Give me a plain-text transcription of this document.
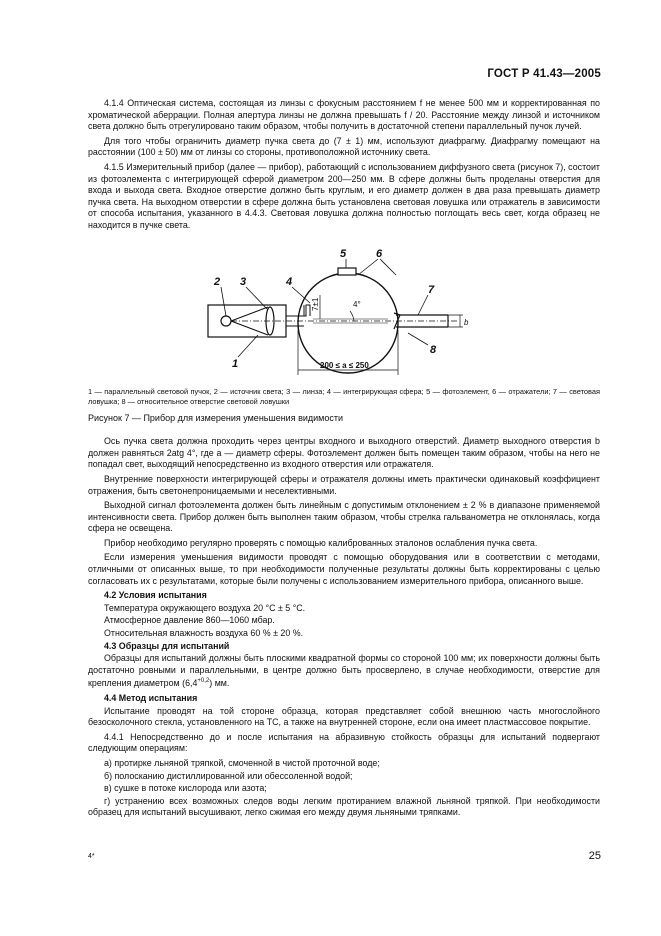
ГОСТ Р 41.43—2005

4.1.4 Оптическая система, состоящая из линзы с фокусным расстоянием f не менее 500 мм и корректированная по хроматической аберрации. Полная апертура линзы не должна превышать f / 20. Расстояние между линзой и источником света должно быть отрегулировано таким образом, чтобы получить в достаточной степени параллельный пучок лучей.

Для того чтобы ограничить диаметр пучка света до (7 ± 1) мм, используют диафрагму. Диафрагму помещают на расстоянии (100 ± 50) мм от линзы со стороны, противоположной источнику света.

4.1.5 Измерительный прибор (далее — прибор), работающий с использованием диффузного света (рисунок 7), состоит из фотоэлемента с интегрирующей сферой диаметром 200—250 мм. В сфере должны быть проделаны отверстия для входа и выхода света. Входное отверстие должно быть круглым, и его диаметр должен в два раза превышать диаметр пучка света. На выходном отверстии в сфере должна быть установлена световая ловушка или отражатель в зависимости от способа испытания, указанного в 4.4.3. Световая ловушка должна полностью поглощать весь свет, когда образец не находится в пучке света.

2 3	4
5	6
7
1
8
7±1	4°
b
200 ≤ a ≤ 250

1 — параллельный световой пучок, 2 — источник света; 3 — линза; 4 — интегрирующая сфера; 5 — фотоэлемент, 6 — отражатели; 7 — световая ловушка; 8 — относительное отверстие световой ловушки

Рисунок 7 — Прибор для измерения уменьшения видимости

Ось пучка света должна проходить через центры входного и выходного отверстий. Диаметр выходного отверстия b должен равняться 2atg 4°, где a — диаметр сферы. Фотоэлемент должен быть помещен таким образом, чтобы на него не попадал свет, выходящий непосредственно из входного отверстия или отражателя.

Внутренние поверхности интегрирующей сферы и отражателя должны иметь практически одинаковый коэффициент отражения, быть светонепроницаемыми и неселективными.

Выходной сигнал фотоэлемента должен быть линейным с допустимым отклонением ± 2 % в диапазоне применяемой интенсивности света. Прибор должен быть выполнен таким образом, чтобы стрелка гальванометра не отклонялась, когда сфера не освещена.

Прибор необходимо регулярно проверять с помощью калиброванных эталонов ослабления пучка света.

Если измерения уменьшения видимости проводят с помощью оборудования или в соответствии с методами, отличными от описанных выше, то при необходимости полученные результаты должны быть корректированы с целью согласовать их с результатами, которые были получены с использованием измерительного прибора, описанного выше.

4.2 Условия испытания

Температура окружающего воздуха 20 °С ± 5 °С.

Атмосферное давление 860—1060 мбар.

Относительная влажность воздуха 60 % ± 20 %.

4.3 Образцы для испытаний

Образцы для испытаний должны быть плоскими квадратной формы со стороной 100 мм; их поверхности должны быть достаточно ровными и параллельными, в центре должно быть просверлено, в случае необходимости, отверстие для крепления диаметром $(6,4^{+0,2})$ мм.

4.4 Метод испытания

Испытание проводят на той стороне образца, которая представляет собой внешнюю часть многослойного безосколочного стекла, установленного на ТС, а также на внутренней стороне, если она имеет пластмассовое покрытие.

4.4.1 Непосредственно до и после испытания на абразивную стойкость образцы для испытаний подвергают следующим операциям:

а) протирке льняной тряпкой, смоченной в чистой проточной воде;

б) полосканию дистиллированной или обессоленной водой;

в) сушке в потоке кислорода или азота;

г) устранению всех возможных следов воды легким протиранием влажной льняной тряпкой. При необходимости образец для испытаний высушивают, легко сжимая его между двумя льняными тряпками.

4*	25
